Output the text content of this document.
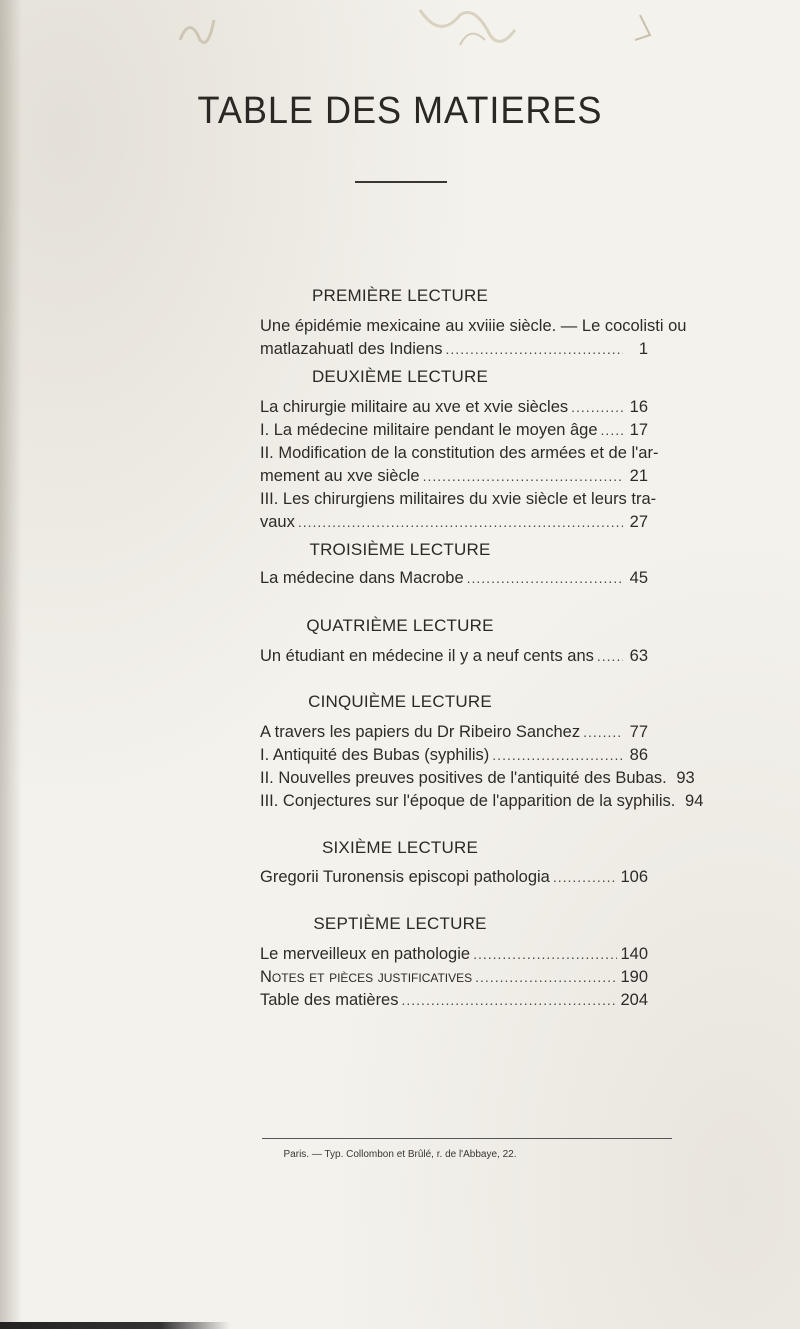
TABLE DES MATIERES
PREMIÈRE LECTURE
Une épidémie mexicaine au xviiie siècle. — Le cocolisti ou
matlazahuatl des Indiens .....	1
DEUXIÈME LECTURE
La chirurgie militaire au xve et xvie siècles .....	16
I. La médecine militaire pendant le moyen âge ..... 17
II. Modification de la constitution des armées et de l'ar-
mement au xve siècle .....	21
III. Les chirurgiens militaires du xvie siècle et leurs tra-
vaux .....	27
TROISIÈME LECTURE
La médecine dans Macrobe .....	45
QUATRIÈME LECTURE
Un étudiant en médecine il y a neuf cents ans ..... 63
CINQUIÈME LECTURE
A travers les papiers du Dr Ribeiro Sanchez .....	77
I. Antiquité des Bubas (syphilis) .....	86
II. Nouvelles preuves positives de l'antiquité des Bubas. 93
III. Conjectures sur l'époque de l'apparition de la syphilis. 94
SIXIÈME LECTURE
Gregorii Turonensis episcopi pathologia .....	106
SEPTIÈME LECTURE
Le merveilleux en pathologie .....	140
Notes et pièces justificatives .....	190
Table des matières .....	204
Paris. — Typ. Collombon et Brûlé, r. de l'Abbaye, 22.
